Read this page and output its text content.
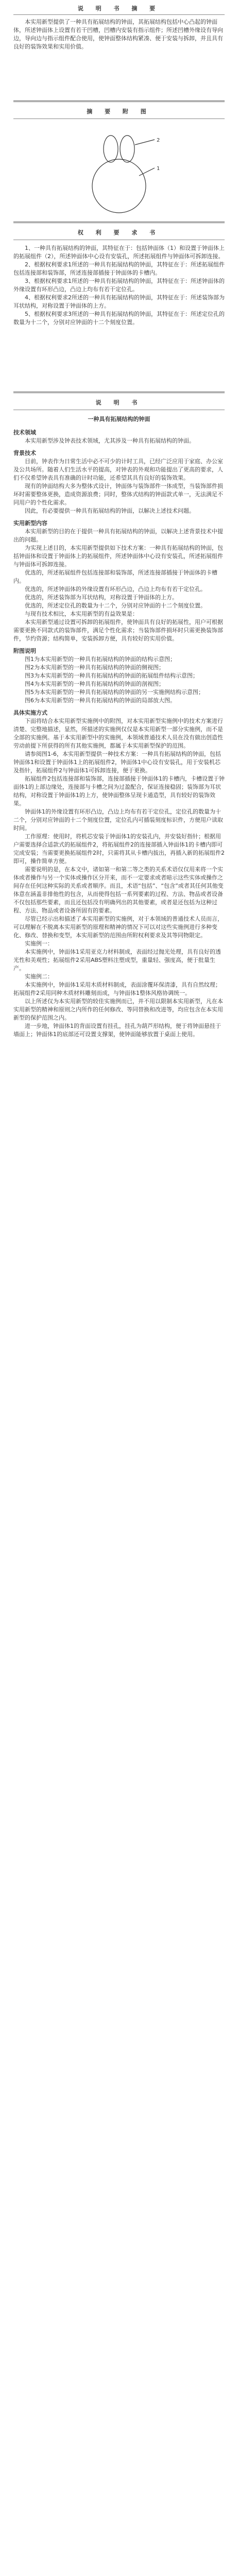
说 明 书 摘 要

本实用新型提供了一种具有拓展结构的钟面，其拓展结构包括中心凸起的钟面体，所述钟面体上设置有若干凹槽，凹槽内安装有指示组件；所述凹槽外缘设有导向边，导向边与指示组件配合使用，使钟面整体结构紧凑、便于安装与拆卸，并且具有良好的装饰效果和实用价值。

摘 要 附 图
1
2
权 利 要 求 书

1、一种具有拓展结构的钟面，其特征在于：包括钟面体（1）和设置于钟面体上的拓展组件（2），所述钟面体中心设有安装孔，所述拓展组件与钟面体可拆卸连接。

2、根据权利要求1所述的一种具有拓展结构的钟面，其特征在于：所述拓展组件包括连接部和装饰部，所述连接部插接于钟面体的卡槽内。

3、根据权利要求1所述的一种具有拓展结构的钟面，其特征在于：所述钟面体的外缘设置有环形凸边，凸边上均布有若干定位孔。

4、根据权利要求2所述的一种具有拓展结构的钟面，其特征在于：所述装饰部为耳状结构，对称设置于钟面体的上方。

5、根据权利要求3所述的一种具有拓展结构的钟面，其特征在于：所述定位孔的数量为十二个，分别对应钟面的十二个刻度位置。

说 明 书
一种具有拓展结构的钟面

技术领域

本实用新型涉及钟表技术领域，尤其涉及一种具有拓展结构的钟面。

背景技术

目前，钟表作为日常生活中必不可少的计时工具，已经广泛应用于家庭、办公室及公共场所。随着人们生活水平的提高，对钟表的外观和功能提出了更高的要求，人们不仅希望钟表具有准确的计时功能，还希望其具有良好的装饰效果。

现有的钟面结构大多为整体式设计，钟面体与装饰部件一体成型，当装饰部件损坏时需要整体更换，造成资源浪费；同时，整体式结构的钟面款式单一，无法满足不同用户的个性化需求。

因此，有必要提供一种具有拓展结构的钟面，以解决上述技术问题。

实用新型内容

本实用新型的目的在于提供一种具有拓展结构的钟面，以解决上述背景技术中提出的问题。

为实现上述目的，本实用新型提供如下技术方案：一种具有拓展结构的钟面，包括钟面体和设置于钟面体上的拓展组件，所述钟面体中心设有安装孔，所述拓展组件与钟面体可拆卸连接。

优选的，所述拓展组件包括连接部和装饰部，所述连接部插接于钟面体的卡槽内。

优选的，所述钟面体的外缘设置有环形凸边，凸边上均布有若干定位孔。

优选的，所述装饰部为耳状结构，对称设置于钟面体的上方。

优选的，所述定位孔的数量为十二个，分别对应钟面的十二个刻度位置。

与现有技术相比，本实用新型的有益效果是：

本实用新型通过设置可拆卸的拓展组件，使钟面具有良好的拓展性，用户可根据需要更换不同款式的装饰部件，满足个性化需求；当装饰部件损坏时只需更换装饰部件，节约资源；结构简单，安装拆卸方便，具有较好的实用价值。

附图说明

图1为本实用新型的一种具有拓展结构的钟面的结构示意图；

图2为本实用新型的一种具有拓展结构的钟面的侧视图；

图3为本实用新型的一种具有拓展结构的钟面的拓展组件结构示意图；

图4为本实用新型的一种具有拓展结构的钟面的剖视图；

图5为本实用新型的一种具有拓展结构的钟面的另一实施例结构示意图；

图6为本实用新型的一种具有拓展结构的钟面的局部放大图。

具体实施方式

下面将结合本实用新型实施例中的附图，对本实用新型实施例中的技术方案进行清楚、完整地描述，显然，所描述的实施例仅仅是本实用新型一部分实施例，而不是全部的实施例。基于本实用新型中的实施例，本领域普通技术人员在没有做出创造性劳动前提下所获得的所有其他实施例，都属于本实用新型保护的范围。

请参阅图1-6，本实用新型提供一种技术方案：一种具有拓展结构的钟面，包括钟面体1和设置于钟面体1上的拓展组件2，钟面体1中心设有安装孔，用于安装机芯及指针，拓展组件2与钟面体1可拆卸连接，便于更换。

拓展组件2包括连接部和装饰部，连接部插接于钟面体1的卡槽内，卡槽设置于钟面体1的上部边缘处，连接部与卡槽之间为过盈配合，保证连接稳固；装饰部为耳状结构，对称设置于钟面体1的上方，使钟面整体呈现卡通造型，具有较好的装饰效果。

钟面体1的外缘设置有环形凸边，凸边上均布有若干定位孔，定位孔的数量为十二个，分别对应钟面的十二个刻度位置，定位孔内可插装刻度标识件，方便用户读取时间。

工作原理：使用时，将机芯安装于钟面体1的安装孔内，并安装好指针；根据用户需要选择合适款式的拓展组件2，将拓展组件2的连接部插入钟面体1的卡槽内即可完成安装；当需要更换拓展组件2时，只需将其从卡槽内拔出，再插入新的拓展组件2即可，操作简单方便。

需要说明的是，在本文中，诸如第一和第二等之类的关系术语仅仅用来将一个实体或者操作与另一个实体或操作区分开来，而不一定要求或者暗示这些实体或操作之间存在任何这种实际的关系或者顺序。而且，术语“包括”、“包含”或者其任何其他变体意在涵盖非排他性的包含，从而使得包括一系列要素的过程、方法、物品或者设备不仅包括那些要素，而且还包括没有明确列出的其他要素，或者是还包括为这种过程、方法、物品或者设备所固有的要素。

尽管已经示出和描述了本实用新型的实施例，对于本领域的普通技术人员而言，可以理解在不脱离本实用新型的原理和精神的情况下可以对这些实施例进行多种变化、修改、替换和变型，本实用新型的范围由所附权利要求及其等同物限定。

实施例一：

本实施例中，钟面体1采用亚克力材料制成，表面经过抛光处理，具有良好的透光性和美观性；拓展组件2采用ABS塑料注塑成型，重量轻、强度高，便于批量生产。

实施例二：

本实施例中，钟面体1采用木质材料制成，表面涂覆环保清漆，具有自然纹理；拓展组件2采用同种木质材料雕刻而成，与钟面体1整体风格协调统一。

以上所述仅为本实用新型的较佳实施例而已，并不用以限制本实用新型，凡在本实用新型的精神和原则之内所作的任何修改、等同替换和改进等，均应包含在本实用新型的保护范围之内。

进一步地，钟面体1的背面设置有挂孔，挂孔为葫芦形结构，便于将钟面悬挂于墙面上；钟面体1的底部还可设置支撑架，使钟面能够放置于桌面上使用。
